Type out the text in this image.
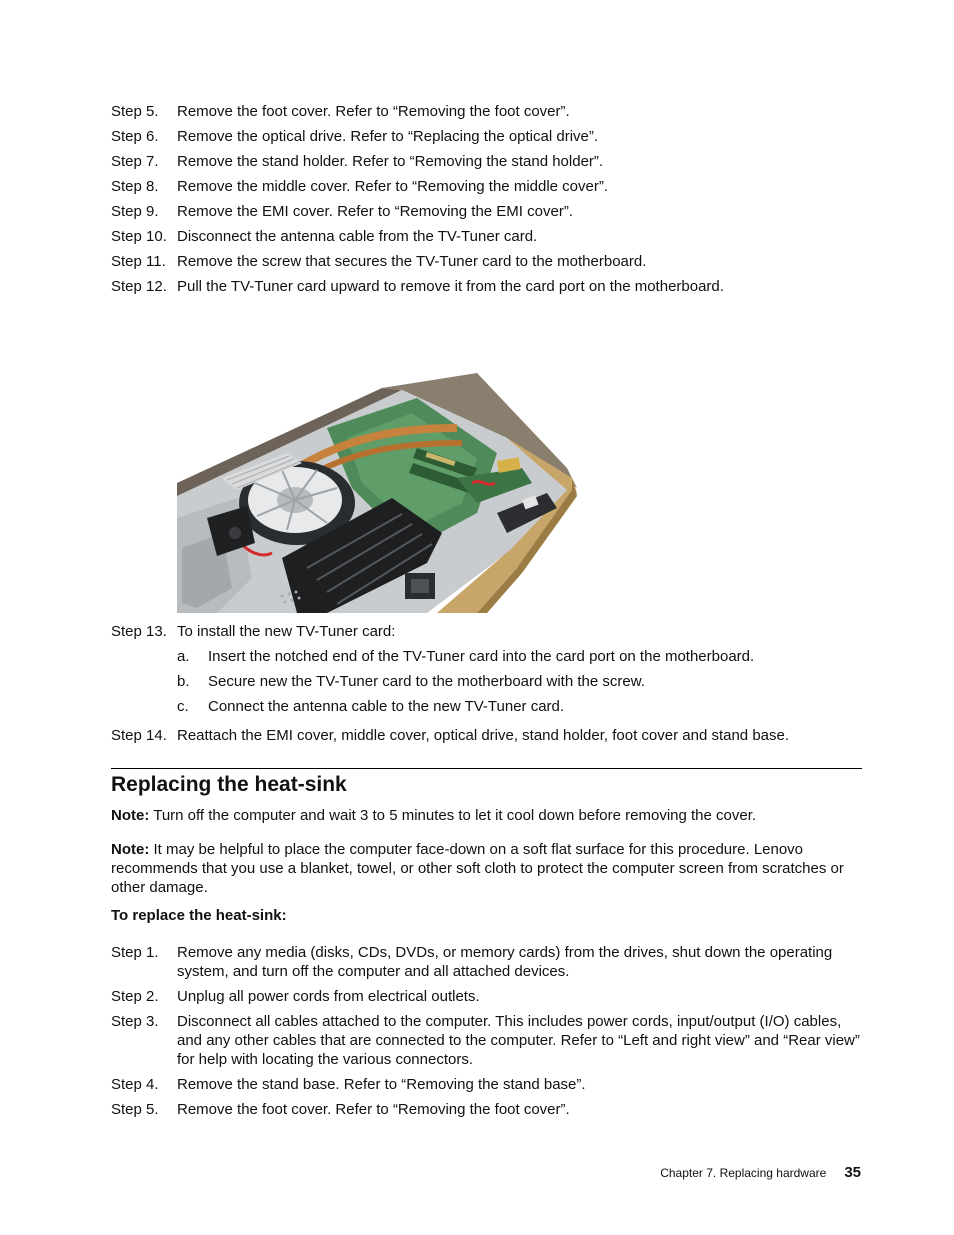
Step 5.	Remove the foot cover. Refer to “Removing the foot cover”.
Step 6.	Remove the optical drive. Refer to “Replacing the optical drive”.
Step 7.	Remove the stand holder. Refer to “Removing the stand holder”.
Step 8.	Remove the middle cover. Refer to “Removing the middle cover”.
Step 9.	Remove the EMI cover. Refer to “Removing the EMI cover”.
Step 10. Disconnect the antenna cable from the TV-Tuner card.
Step 11. Remove the screw that secures the TV-Tuner card to the motherboard.
Step 12. Pull the TV-Tuner card upward to remove it from the card port on the motherboard.
Step 13. To install the new TV-Tuner card:
a.	Insert the notched end of the TV-Tuner card into the card port on the motherboard.
b.	Secure new the TV-Tuner card to the motherboard with the screw.
c.	Connect the antenna cable to the new TV-Tuner card.
Step 14. Reattach the EMI cover, middle cover, optical drive, stand holder, foot cover and stand base.
Replacing the heat-sink

Note: Turn off the computer and wait 3 to 5 minutes to let it cool down before removing the cover.

Note: It may be helpful to place the computer face-down on a soft flat surface for this procedure. Lenovo recommends that you use a blanket, towel, or other soft cloth to protect the computer screen from scratches or other damage.

To replace the heat-sink:

Step 1.	Remove any media (disks, CDs, DVDs, or memory cards) from the drives, shut down the operating system, and turn off the computer and all attached devices.
Step 2.	Unplug all power cords from electrical outlets.
Step 3.	Disconnect all cables attached to the computer. This includes power cords, input/output (I/O) cables, and any other cables that are connected to the computer. Refer to “Left and right view” and “Rear view” for help with locating the various connectors.
Step 4.	Remove the stand base. Refer to “Removing the stand base”.
Step 5.	Remove the foot cover. Refer to “Removing the foot cover”.
Chapter 7. Replacing hardware 35
